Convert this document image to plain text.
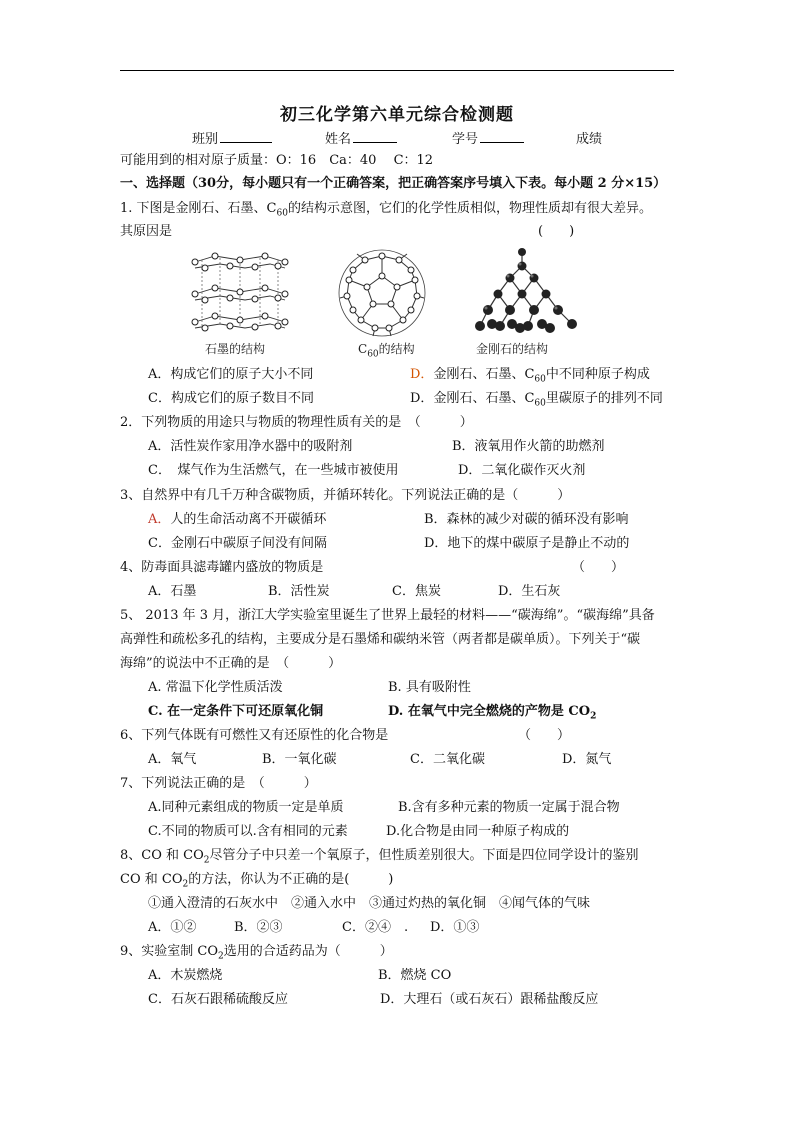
初三化学第六单元综合检测题
班别	姓名	学号	成绩
可能用到的相对原子质量：O：16　Ca：40　 C：12
一、选择题（30分，每小题只有一个正确答案，把正确答案序号填入下表。每小题 2 分×15）
1. 下图是金刚石、石墨、$C_{60}$的结构示意图，它们的化学性质相似，物理性质却有很大差异。
其原因是	(　　)
石墨的结构	$C_{60}$的结构	金刚石的结构
A．构成它们的原子大小不同	D．金刚石、石墨、$C_{60}$中不同种原子构成
C．构成它们的原子数目不同	D．金刚石、石墨、$C_{60}$里碳原子的排列不同
2．下列物质的用途只与物质的物理性质有关的是　（　　　）
A．活性炭作家用净水器中的吸附剂	B．液氧用作火箭的助燃剂
C．　煤气作为生活燃气，在一些城市被使用	D．二氧化碳作灭火剂
3、自然界中有几千万种含碳物质，并循环转化。下列说法正确的是（　　　）
A．人的生命活动离不开碳循环	B．森林的减少对碳的循环没有影响
C．金刚石中碳原子间没有间隔	D．地下的煤中碳原子是静止不动的
4、防毒面具滤毒罐内盛放的物质是	（　　）
A．石墨	B．活性炭	C．焦炭	D．生石灰
5、 2013 年 3 月，浙江大学实验室里诞生了世界上最轻的材料——“碳海绵”。“碳海绵”具备
高弹性和疏松多孔的结构，主要成分是石墨烯和碳纳米管（两者都是碳单质）。下列关于“碳
海绵”的说法中不正确的是　（　　　）
A. 常温下化学性质活泼	B. 具有吸附性
C. 在一定条件下可还原氧化铜	D. 在氧气中完全燃烧的产物是 $CO_2$
6、下列气体既有可燃性又有还原性的化合物是	（　　）
A．氧气	B．一氧化碳	C．二氧化碳	D．氮气
7、下列说法正确的是　（　　　）
A.同种元素组成的物质一定是单质	B.含有多种元素的物质一定属于混合物
C.不同的物质可以.含有相同的元素	D.化合物是由同一种原子构成的
8、CO 和 $CO_2$尽管分子中只差一个氧原子，但性质差别很大。下面是四位同学设计的鉴别
CO 和 $CO_2$的方法，你认为不正确的是(　　　)
①通入澄清的石灰水中　②通入水中　③通过灼热的氧化铜　④闻气体的气味
A．①②	B．②③	C．②④　. D．①③
9、实验室制 $CO_2$选用的合适药品为（　　　）
A．木炭燃烧	B．燃烧 CO
C．石灰石跟稀硫酸反应	D．大理石（或石灰石）跟稀盐酸反应
